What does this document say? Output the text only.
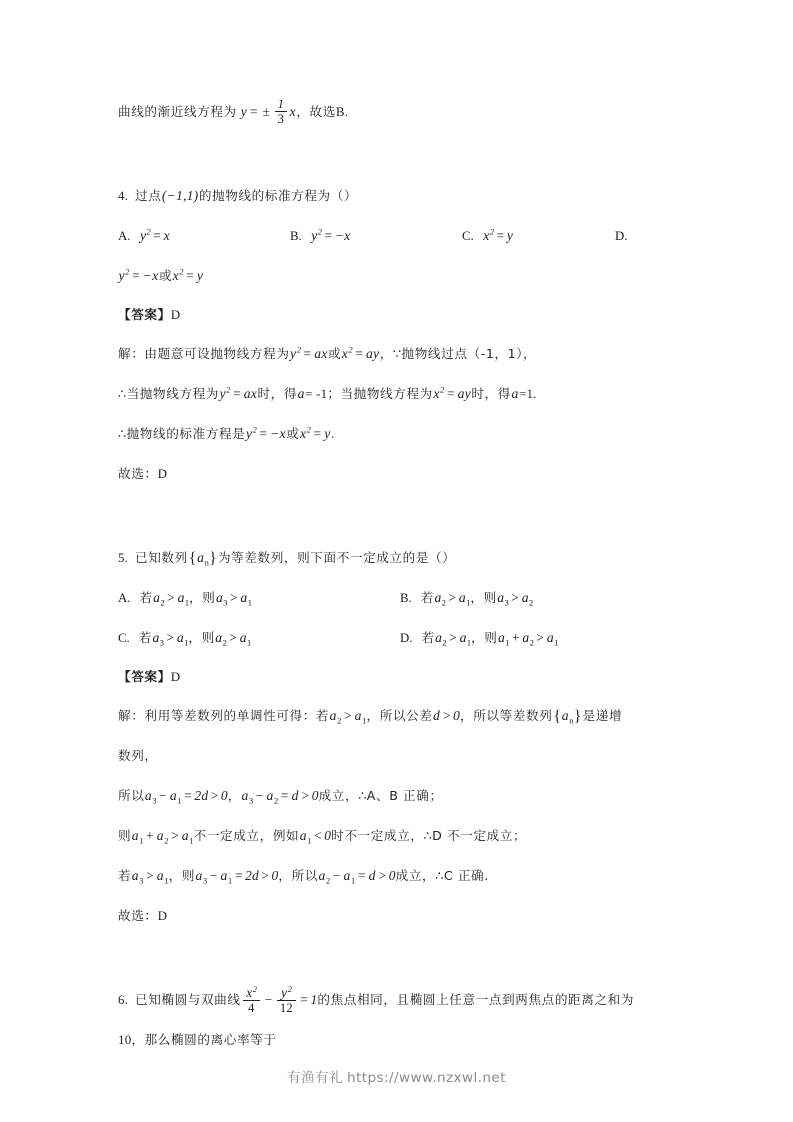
曲线的渐近线方程为 y = ± $\frac{1}{3}$ x，故选B.
4. 过点(−1,1)的抛物线的标准方程为（）
A. $y^2 = x$	B. $y^2 = -x$	C. $x^2 = y$	D.
$y^2 = -x$或$x^2 = y$
【答案】D
解：由题意可设抛物线方程为$y^2$ = ax或$x^2$ = ay，∵抛物线过点（‑1，1），
∴当抛物线方程为$y^2$ = ax时，得a= ‑1；当抛物线方程为$x^2$ = ay时，得a=1.
∴抛物线的标准方程是$y^2 = -x$或$x^2 = y$.
故选：D
5. 已知数列$\{a_n\}$为等差数列，则下面不一定成立的是（）
A. 若$a_2 > a_1$，则$a_3 > a_1$	B. 若$a_2 > a_1$，则$a_3 > a_2$
C. 若$a_3 > a_1$，则$a_2 > a_1$	D. 若$a_2 > a_1$，则$a_1 + a_2 > a_1$
【答案】D
解：利用等差数列的单调性可得：若$a_2 > a_1$，所以公差d > 0，所以等差数列$\{a_n\}$是递增
数列，
所以$a_3 - a_1 = 2d > 0$，$a_3 - a_2 = d > 0$成立，∴A、B 正确；
则$a_1 + a_2 > a_1$不一定成立，例如$a_1 < 0$时不一定成立，∴D 不一定成立；
若$a_3 > a_1$，则$a_3 - a_1 = 2d > 0$，所以$a_2 - a_1 = d > 0$成立，∴C 正确.
故选：D
6. 已知椭圆与双曲线 $\frac{x^2}{4} - \frac{y^2}{12} = 1$的焦点相同，且椭圆上任意一点到两焦点的距离之和为
10，那么椭圆的离心率等于
有渔有礼 https://www.nzxwl.net
